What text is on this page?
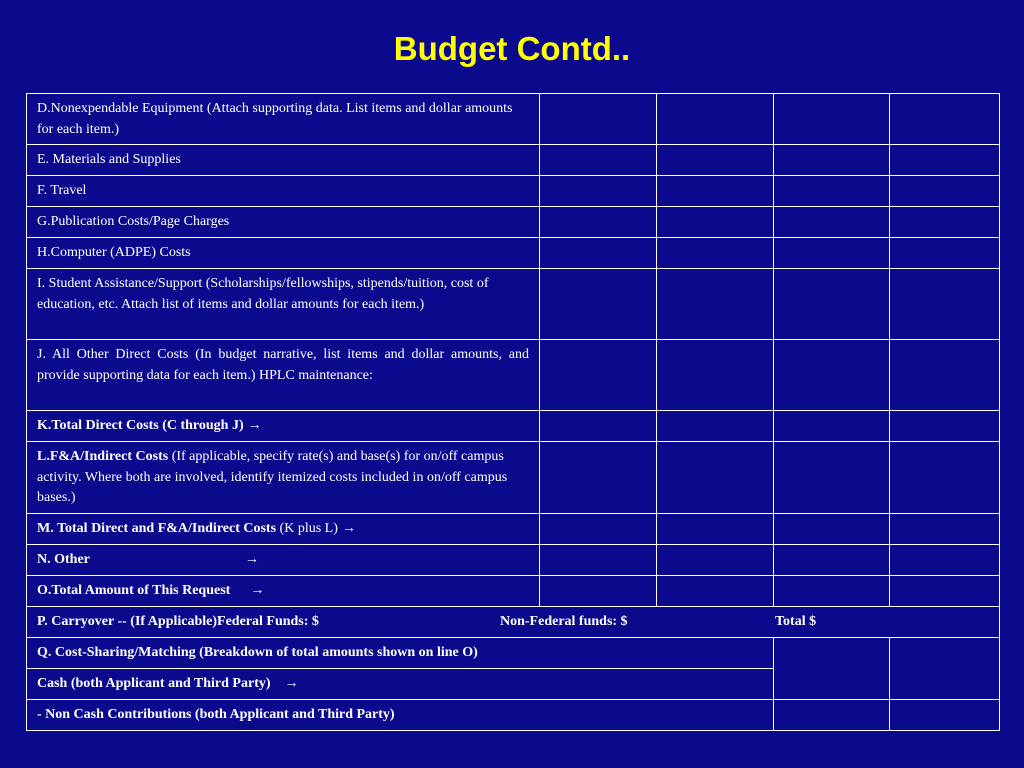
Budget Contd..
D.Nonexpendable Equipment (Attach supporting data. List items and dollar amounts for each item.)				
E. Materials and Supplies				
F. Travel				
G.Publication Costs/Page Charges				
H.Computer (ADPE) Costs				
I. Student Assistance/Support (Scholarships/fellowships, stipends/tuition, cost of education, etc. Attach list of items and dollar amounts for each item.)				
J. All Other Direct Costs (In budget narrative, list items and dollar amounts, and provide supporting data for each item.) HPLC maintenance:				
K.Total Direct Costs (C through J) →				
L.F&A/Indirect Costs (If applicable, specify rate(s) and base(s) for on/off campus activity. Where both are involved, identify itemized costs included in on/off campus bases.)				
M. Total Direct and F&A/Indirect Costs (K plus L) →				
N. Other →				
O.Total Amount of This Request →				
P. Carryover -- (If Applicable)Federal Funds: $ Non-Federal funds: $ Total $				
Q. Cost-Sharing/Matching (Breakdown of total amounts shown on line O)				
Cash (both Applicant and Third Party) →				
- Non Cash Contributions (both Applicant and Third Party)				
